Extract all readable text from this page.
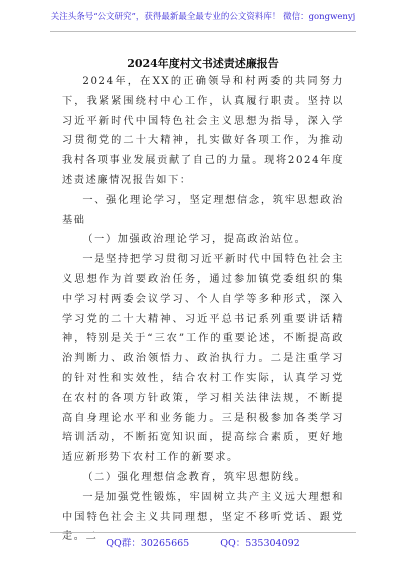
关注头条号“公文研究”，获得最新最全最专业的公文资料库！ 微信：gongwenyj
2024年度村文书述责述廉报告

2024年，在XX的正确领导和村两委的共同努力下，我紧紧围绕村中心工作，认真履行职责。坚持以习近平新时代中国特色社会主义思想为指导，深入学习贯彻党的二十大精神，扎实做好各项工作，为推动我村各项事业发展贡献了自己的力量。现将2024年度述责述廉情况报告如下：

一、强化理论学习，坚定理想信念，筑牢思想政治基础

（一）加强政治理论学习，提高政治站位。

一是坚持把学习贯彻习近平新时代中国特色社会主义思想作为首要政治任务，通过参加镇党委组织的集中学习村两委会议学习、个人自学等多种形式，深入学习党的二十大精神、习近平总书记系列重要讲话精神，特别是关于“三农”工作的重要论述，不断提高政治判断力、政治领悟力、政治执行力。二是注重学习的针对性和实效性，结合农村工作实际，认真学习党在农村的各项方针政策，学习相关法律法规，不断提高自身理论水平和业务能力。三是积极参加各类学习培训活动，不断拓宽知识面，提高综合素质，更好地适应新形势下农村工作的新要求。

（二）强化理想信念教育，筑牢思想防线。

一是加强党性锻炼，牢固树立共产主义远大理想和中国特色社会主义共同理想，坚定不移听党话、跟党走。二

QQ群：30265665	QQ：535304092
